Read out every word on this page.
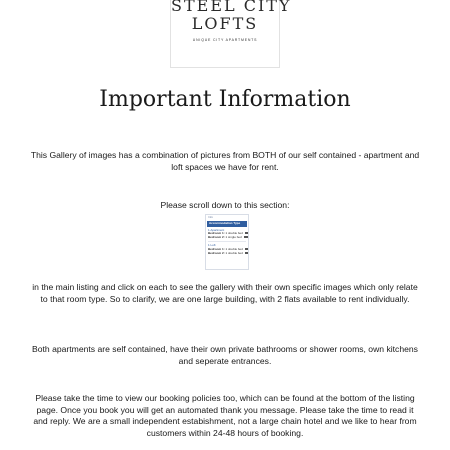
STEEL CITY
LOFTS
UNIQUE CITY APARTMENTS
Important Information

This Gallery of images has a combination of pictures from BOTH of our self contained - apartment and loft spaces we have for rent.

Please scroll down to this section:

Info
Accommodation Type
1 Apartment
Bedroom 1: 1 double bed
Bedroom 2: 1 single bed
1 Loft
Bedroom 1: 1 double bed
Bedroom 2: 1 double bed

in the main listing and click on each to see the gallery with their own specific images which only relate to that room type. So to clarify, we are one large building, with 2 flats available to rent individually.

Both apartments are self contained, have their own private bathrooms or shower rooms, own kitchens and seperate entrances.

Please take the time to view our booking policies too, which can be found at the bottom of the listing page. Once you book you will get an automated thank you message. Please take the time to read it and reply. We are a small independent estabishment, not a large chain hotel and we like to hear from customers within 24-48 hours of booking.
